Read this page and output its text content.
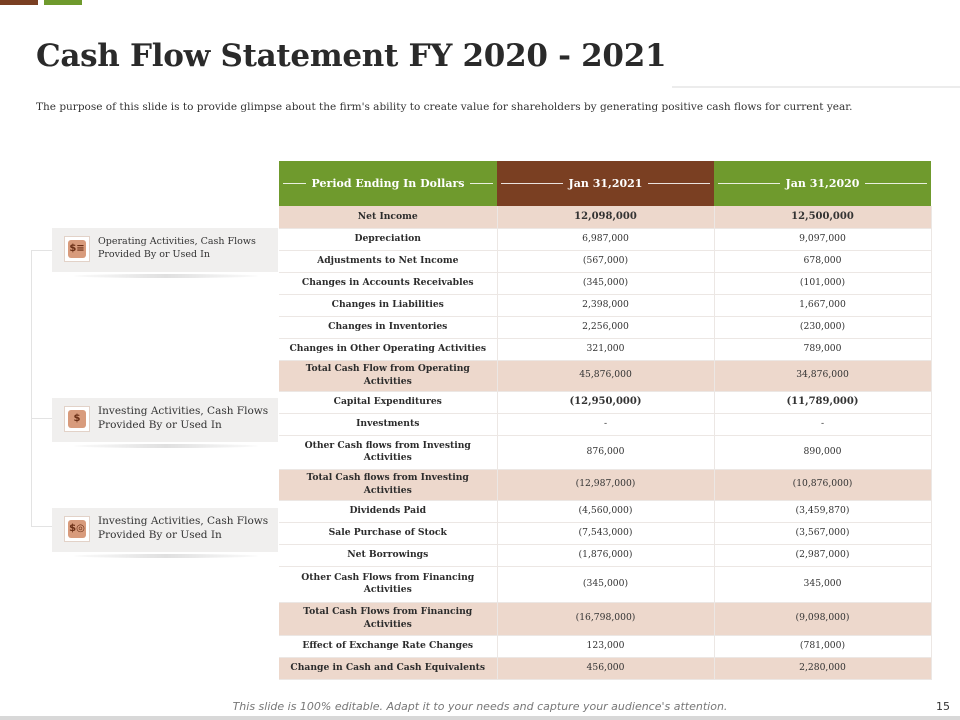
Cash Flow Statement FY 2020 - 2021

The purpose of this slide is to provide glimpse about the firm's ability to create value for shareholders by generating positive cash flows for current year.

$≡
Operating Activities, Cash Flows Provided By or Used In
$
Investing Activities, Cash Flows Provided By or Used In
$◎
Investing Activities, Cash Flows Provided By or Used In
Period Ending In Dollars	Jan 31,2021	Jan 31,2020

Net Income	12,098,000	12,500,000
Depreciation	6,987,000	9,097,000
Adjustments to Net Income	(567,000)	678,000
Changes in Accounts Receivables	(345,000)	(101,000)
Changes in Liabilities	2,398,000	1,667,000
Changes in Inventories	2,256,000	(230,000)
Changes in Other Operating Activities	321,000	789,000
Total Cash Flow from Operating Activities	45,876,000	34,876,000
Capital Expenditures	(12,950,000)	(11,789,000)
Investments	-	-
Other Cash flows from Investing Activities	876,000	890,000
Total Cash flows from Investing Activities	(12,987,000)	(10,876,000)
Dividends Paid	(4,560,000)	(3,459,870)
Sale Purchase of Stock	(7,543,000)	(3,567,000)
Net Borrowings	(1,876,000)	(2,987,000)
Other Cash Flows from Financing Activities	(345,000)	345,000
Total Cash Flows from Financing Activities	(16,798,000)	(9,098,000)
Effect of Exchange Rate Changes	123,000	(781,000)
Change in Cash and Cash Equivalents	456,000	2,280,000
This slide is 100% editable. Adapt it to your needs and capture your audience's attention.	15
